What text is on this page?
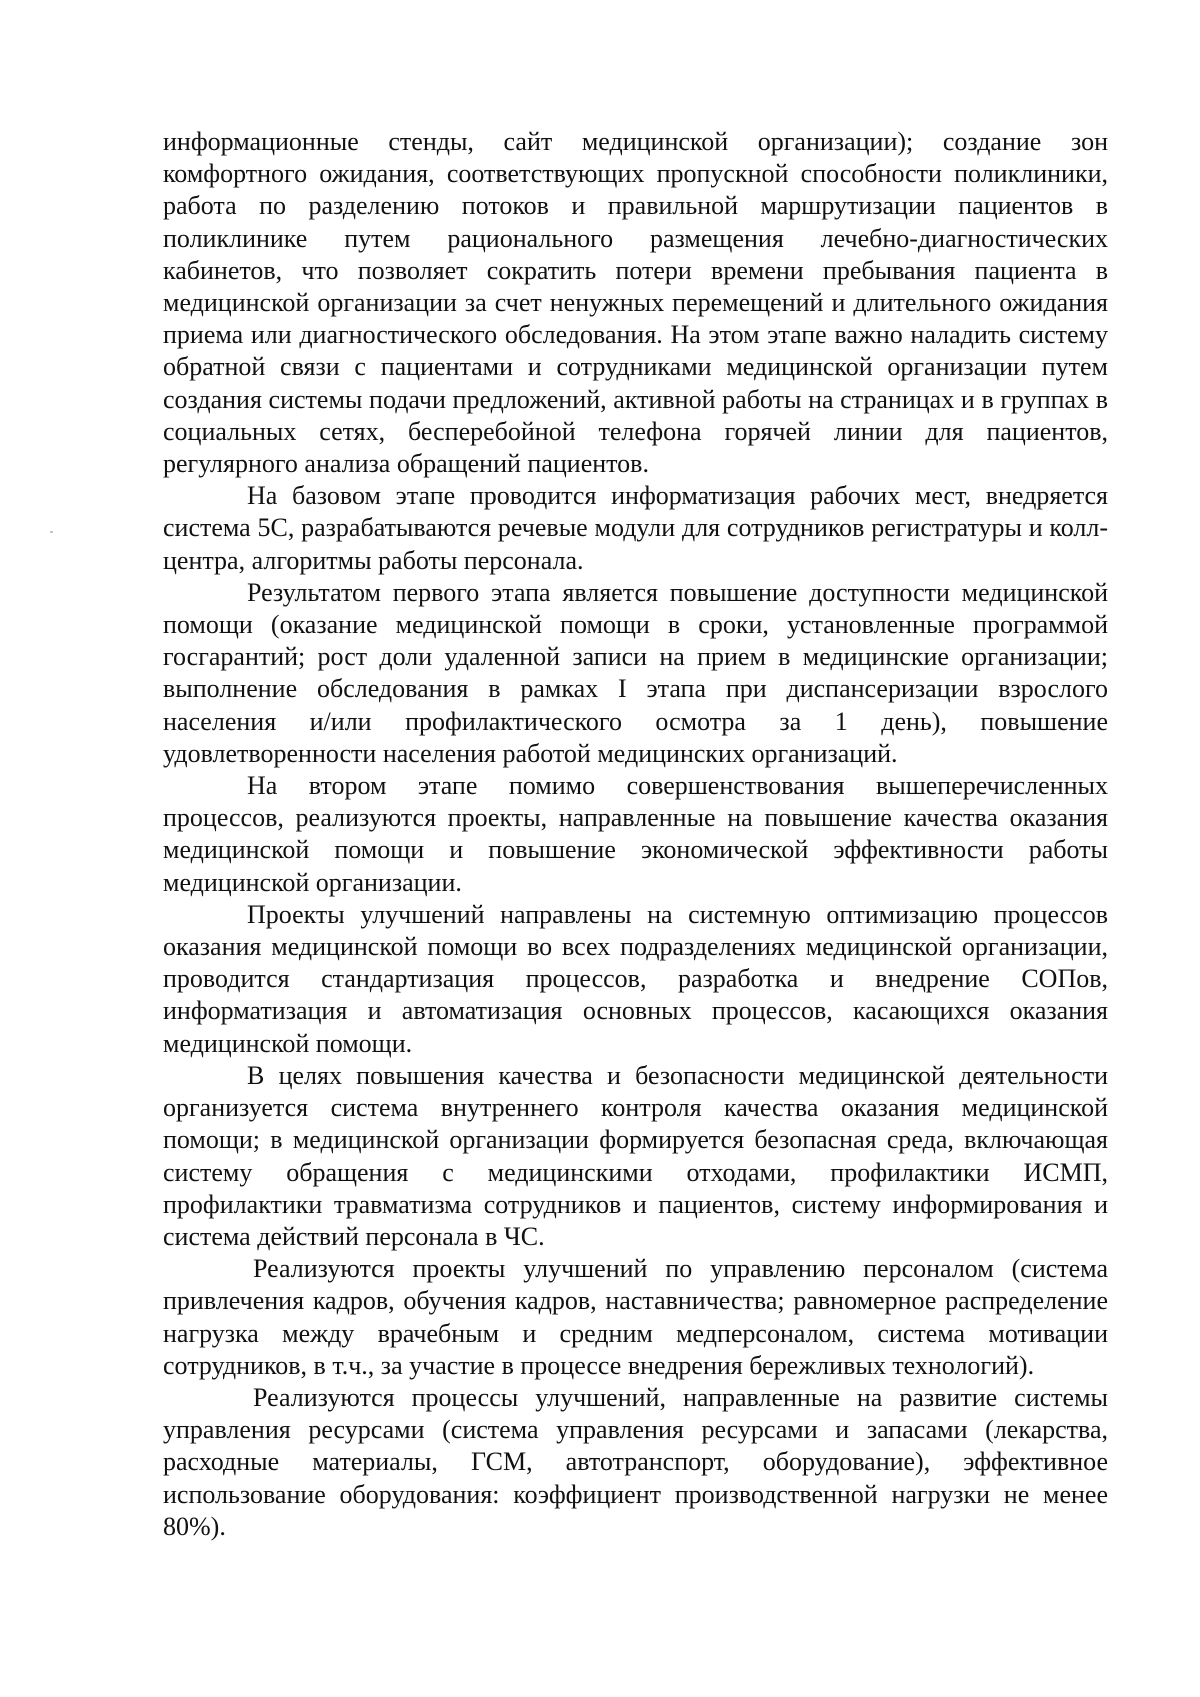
информационные стенды, сайт медицинской организации); создание зон комфортного ожидания, соответствующих пропускной способности поликлиники, работа по разделению потоков и правильной маршрутизации пациентов в поликлинике путем рационального размещения лечебно-диагностических кабинетов, что позволяет сократить потери времени пребывания пациента в медицинской организации за счет ненужных перемещений и длительного ожидания приема или диагностического обследования. На этом этапе важно наладить систему обратной связи с пациентами и сотрудниками медицинской организации путем создания системы подачи предложений, активной работы на страницах и в группах в социальных сетях, бесперебойной телефона горячей линии для пациентов, регулярного анализа обращений пациентов.

На базовом этапе проводится информатизация рабочих мест, внедряется система 5С, разрабатываются речевые модули для сотрудников регистратуры и колл-центра, алгоритмы работы персонала.

Результатом первого этапа является повышение доступности медицинской помощи (оказание медицинской помощи в сроки, установленные программой госгарантий; рост доли удаленной записи на прием в медицинские организации; выполнение обследования в рамках I этапа при диспансеризации взрослого населения и/или профилактического осмотра за 1 день), повышение удовлетворенности населения работой медицинских организаций.

На втором этапе помимо совершенствования вышеперечисленных процессов, реализуются проекты, направленные на повышение качества оказания медицинской помощи и повышение экономической эффективности работы медицинской организации.

Проекты улучшений направлены на системную оптимизацию процессов оказания медицинской помощи во всех подразделениях медицинской организации, проводится стандартизация процессов, разработка и внедрение СОПов, информатизация и автоматизация основных процессов, касающихся оказания медицинской помощи.

В целях повышения качества и безопасности медицинской деятельности организуется система внутреннего контроля качества оказания медицинской помощи; в медицинской организации формируется безопасная среда, включающая систему обращения с медицинскими отходами, профилактики ИСМП, профилактики травматизма сотрудников и пациентов, систему информирования и система действий персонала в ЧС.

Реализуются проекты улучшений по управлению персоналом (система привлечения кадров, обучения кадров, наставничества; равномерное распределение нагрузка между врачебным и средним медперсоналом, система мотивации сотрудников, в т.ч., за участие в процессе внедрения бережливых технологий).

Реализуются процессы улучшений, направленные на развитие системы управления ресурсами (система управления ресурсами и запасами (лекарства, расходные материалы, ГСМ, автотранспорт, оборудование), эффективное использование оборудования: коэффициент производственной нагрузки не менее 80%).
